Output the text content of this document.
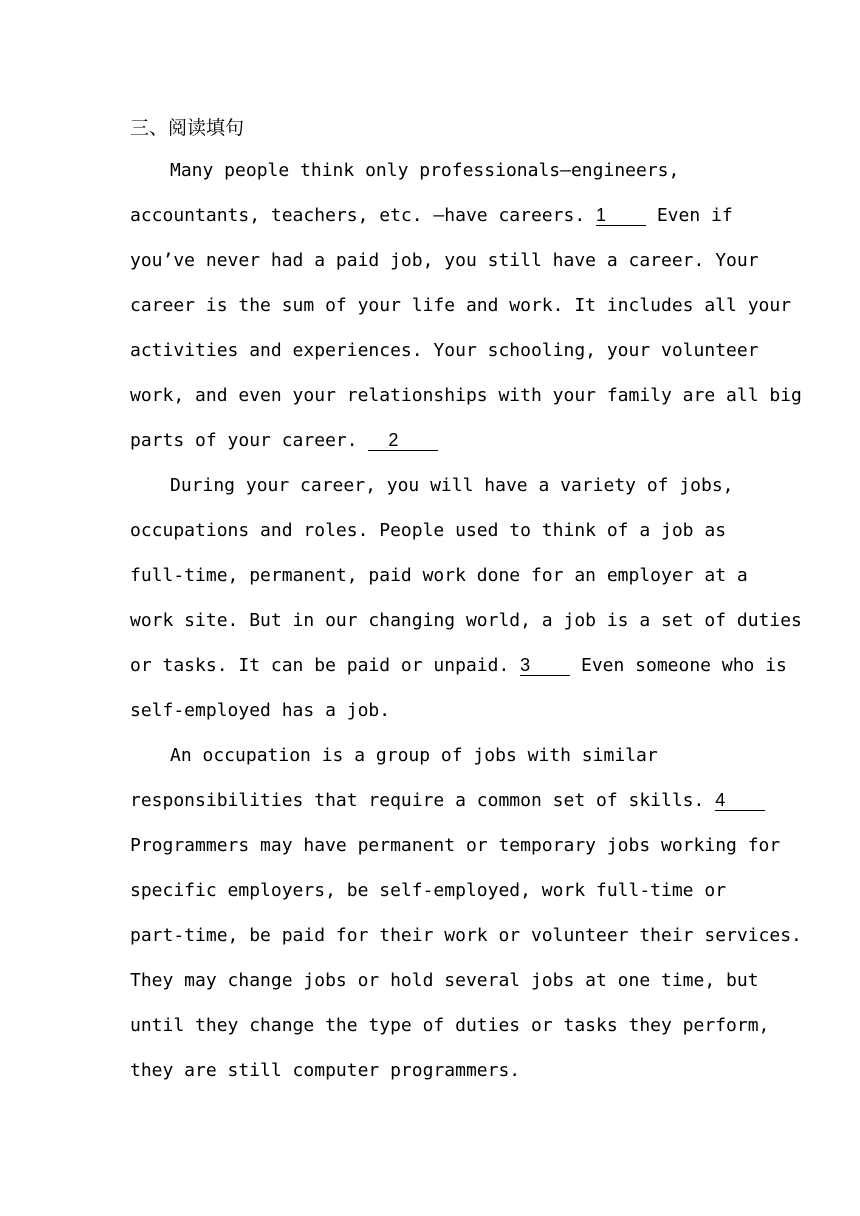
三、阅读填句
Many people think only professionals—engineers,
accountants, teachers, etc. —have careers. 1 Even if
you’ve never had a paid job, you still have a career. Your
career is the sum of your life and work. It includes all your
activities and experiences. Your schooling, your volunteer
work, and even your relationships with your family are all big
parts of your career. 2
During your career, you will have a variety of jobs,
occupations and roles. People used to think of a job as
full-time, permanent, paid work done for an employer at a
work site. But in our changing world, a job is a set of duties
or tasks. It can be paid or unpaid. 3 Even someone who is
self-employed has a job.
An occupation is a group of jobs with similar
responsibilities that require a common set of skills. 4
Programmers may have permanent or temporary jobs working for
specific employers, be self-employed, work full-time or
part-time, be paid for their work or volunteer their services.
They may change jobs or hold several jobs at one time, but
until they change the type of duties or tasks they perform,
they are still computer programmers.
